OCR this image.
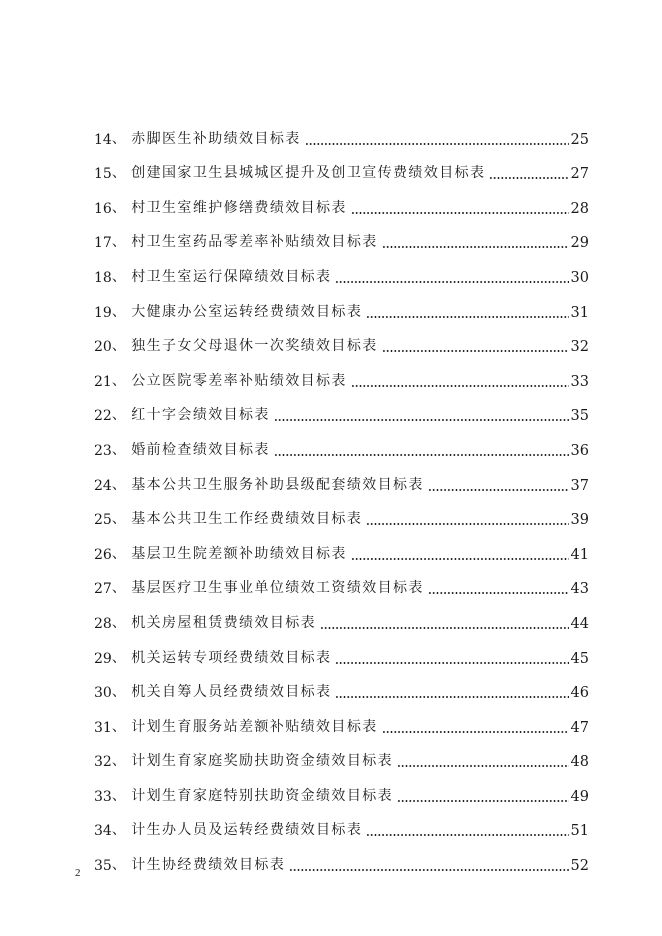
14 、 赤脚医生补助绩效目标表	25
15 、 创建国家卫生县城城区提升及创卫宣传费绩效目标表	27
16 、 村卫生室维护修缮费绩效目标表	28
17 、 村卫生室药品零差率补贴绩效目标表	29
18 、 村卫生室运行保障绩效目标表	30
19 、 大健康办公室运转经费绩效目标表	31
20 、 独生子女父母退休一次奖绩效目标表	32
21 、 公立医院零差率补贴绩效目标表	33
22 、 红十字会绩效目标表	35
23 、 婚前检查绩效目标表	36
24 、 基本公共卫生服务补助县级配套绩效目标表	37
25 、 基本公共卫生工作经费绩效目标表	39
26 、 基层卫生院差额补助绩效目标表	41
27 、 基层医疗卫生事业单位绩效工资绩效目标表	43
28 、 机关房屋租赁费绩效目标表	44
29 、 机关运转专项经费绩效目标表	45
30 、 机关自筹人员经费绩效目标表	46
31 、 计划生育服务站差额补贴绩效目标表	47
32 、 计划生育家庭奖励扶助资金绩效目标表	48
33 、 计划生育家庭特别扶助资金绩效目标表	49
34 、 计生办人员及运转经费绩效目标表	51
35 、 计生协经费绩效目标表	52
2
